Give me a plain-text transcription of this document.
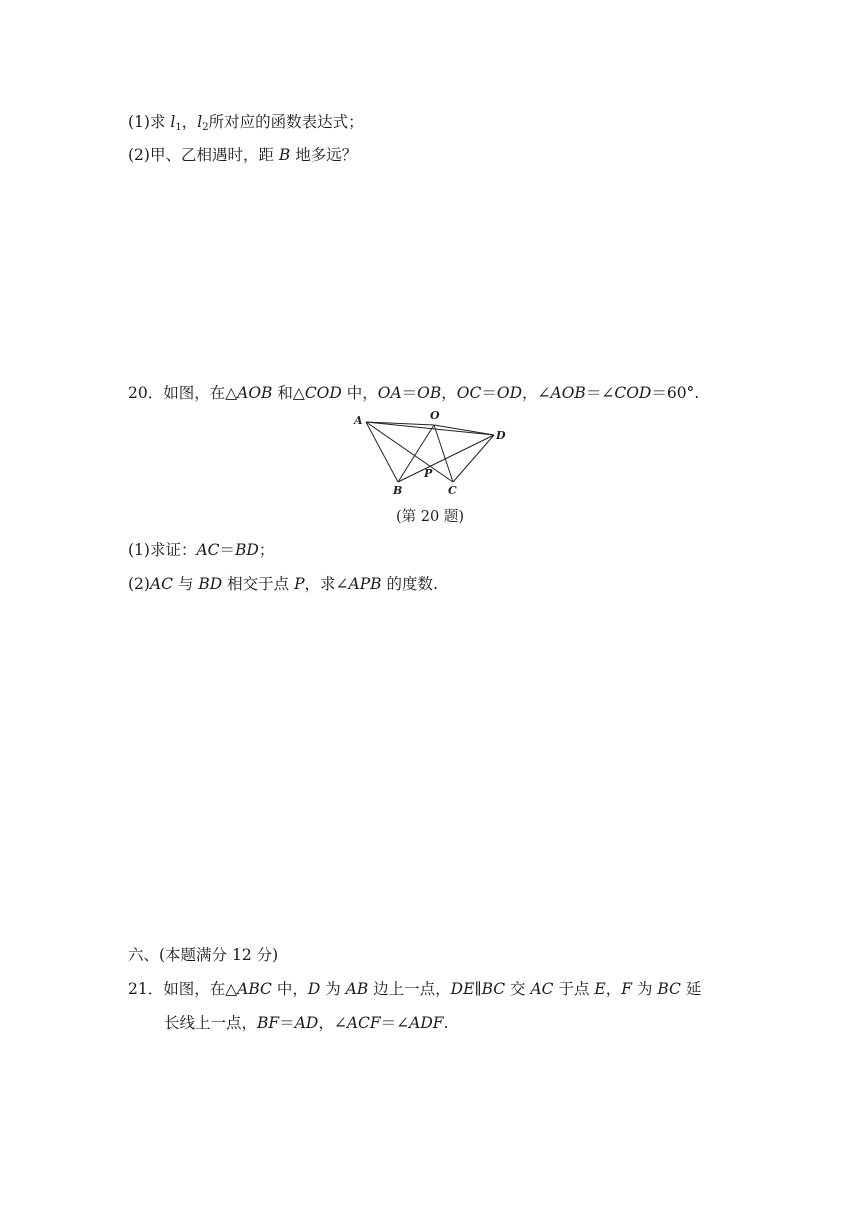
(1)求 $l_1$，$l_2$所对应的函数表达式；
(2)甲、乙相遇时，距 B 地多远？
20．如图，在△AOB 和△COD 中，OA＝OB，OC＝OD，∠AOB＝∠COD＝60°.
A	O
D
P
B	C
(第 20 题)
(1)求证：AC＝BD；
(2)AC 与 BD 相交于点 P，求∠APB 的度数.
六、(本题满分 12 分)
21．如图，在△ABC 中，D 为 AB 边上一点，DE∥BC 交 AC 于点 E，F 为 BC 延
长线上一点，BF＝AD，∠ACF＝∠ADF.
